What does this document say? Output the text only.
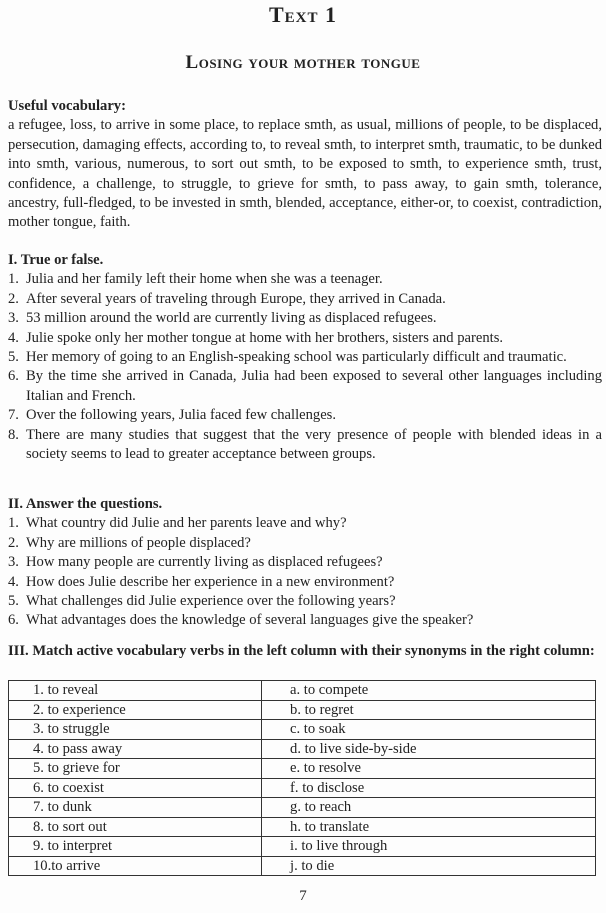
Text 1
Losing your mother tongue
Useful vocabulary:
a refugee, loss, to arrive in some place, to replace smth, as usual, millions of people, to be displaced, persecution, damaging effects, according to, to reveal smth, to interpret smth, traumatic, to be dunked into smth, various, numerous, to sort out smth, to be exposed to smth, to experience smth, trust, confidence, a challenge, to struggle, to grieve for smth, to pass away, to gain smth, tolerance, ancestry, full-fledged, to be invested in smth, blended, acceptance, either-or, to coexist, contradiction, mother tongue, faith.
I. True or false.
1. Julia and her family left their home when she was a teenager.
2. After several years of traveling through Europe, they arrived in Canada.
3. 53 million around the world are currently living as displaced refugees.
4. Julie spoke only her mother tongue at home with her brothers, sisters and parents.
5. Her memory of going to an English-speaking school was particularly difficult and traumatic.
6. By the time she arrived in Canada, Julia had been exposed to several other languages including Italian and French.
7. Over the following years, Julia faced few challenges.
8. There are many studies that suggest that the very presence of people with blended ideas in a society seems to lead to greater acceptance between groups.
II. Answer the questions.
1. What country did Julie and her parents leave and why?
2. Why are millions of people displaced?
3. How many people are currently living as displaced refugees?
4. How does Julie describe her experience in a new environment?
5. What challenges did Julie experience over the following years?
6. What advantages does the knowledge of several languages give the speaker?
III. Match active vocabulary verbs in the left column with their synonyms in the right column:
1. to reveal	a. to compete
2. to experience	b. to regret
3. to struggle	c. to soak
4. to pass away	d. to live side-by-side
5. to grieve for	e. to resolve
6. to coexist	f. to disclose
7. to dunk	g. to reach
8. to sort out	h. to translate
9. to interpret	i. to live through
10.to arrive	j. to die
7
